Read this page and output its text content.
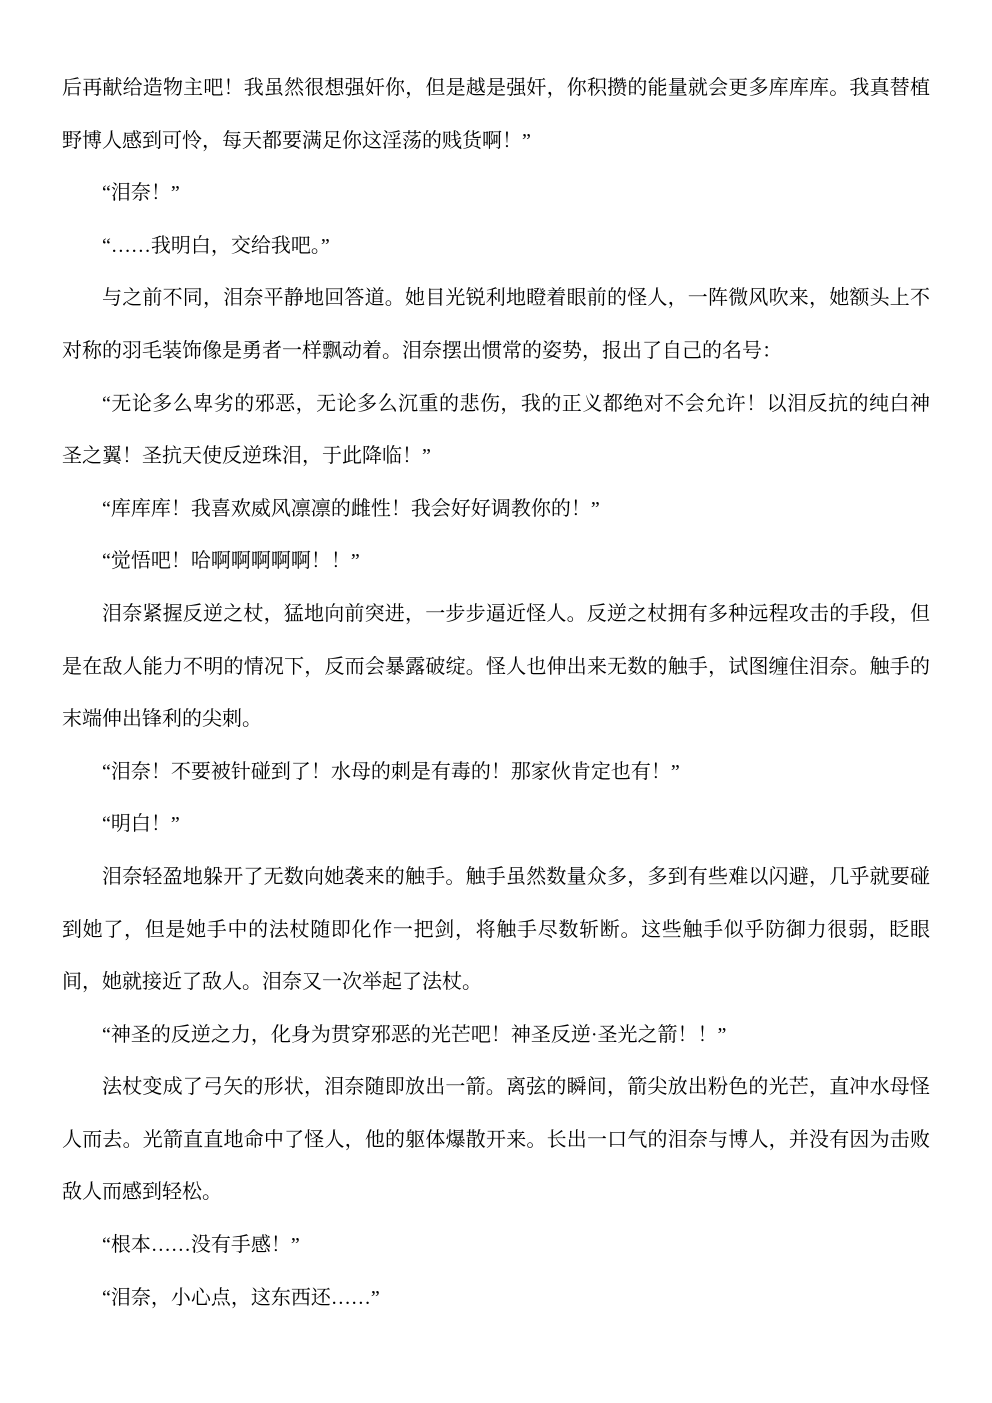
后再献给造物主吧！我虽然很想强奸你，但是越是强奸，你积攒的能量就会更多库库库。我真替植野博人感到可怜，每天都要满足你这淫荡的贱货啊！”

“泪奈！”

“……我明白，交给我吧。”

与之前不同，泪奈平静地回答道。她目光锐利地瞪着眼前的怪人，一阵微风吹来，她额头上不对称的羽毛装饰像是勇者一样飘动着。泪奈摆出惯常的姿势，报出了自己的名号：

“无论多么卑劣的邪恶，无论多么沉重的悲伤，我的正义都绝对不会允许！以泪反抗的纯白神圣之翼！圣抗天使反逆珠泪，于此降临！”

“库库库！我喜欢威风凛凛的雌性！我会好好调教你的！”

“觉悟吧！哈啊啊啊啊啊！！”

泪奈紧握反逆之杖，猛地向前突进，一步步逼近怪人。反逆之杖拥有多种远程攻击的手段，但是在敌人能力不明的情况下，反而会暴露破绽。怪人也伸出来无数的触手，试图缠住泪奈。触手的末端伸出锋利的尖刺。

“泪奈！不要被针碰到了！水母的刺是有毒的！那家伙肯定也有！”

“明白！”

泪奈轻盈地躲开了无数向她袭来的触手。触手虽然数量众多，多到有些难以闪避，几乎就要碰到她了，但是她手中的法杖随即化作一把剑，将触手尽数斩断。这些触手似乎防御力很弱，眨眼间，她就接近了敌人。泪奈又一次举起了法杖。

“神圣的反逆之力，化身为贯穿邪恶的光芒吧！神圣反逆·圣光之箭！！”

法杖变成了弓矢的形状，泪奈随即放出一箭。离弦的瞬间，箭尖放出粉色的光芒，直冲水母怪人而去。光箭直直地命中了怪人，他的躯体爆散开来。长出一口气的泪奈与博人，并没有因为击败敌人而感到轻松。

“根本……没有手感！”

“泪奈，小心点，这东西还……”
